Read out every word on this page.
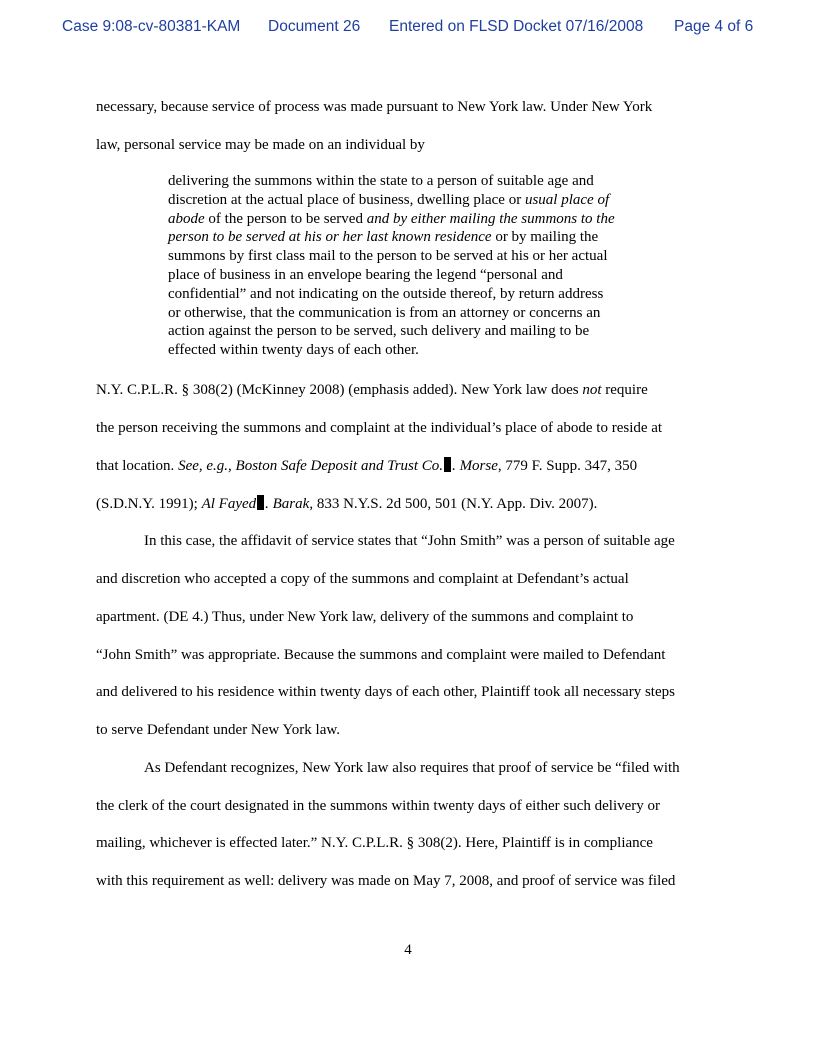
Case 9:08-cv-80381-KAM Document 26 Entered on FLSD Docket 07/16/2008 Page 4 of 6
necessary, because service of process was made pursuant to New York law. Under New York
law, personal service may be made on an individual by
delivering the summons within the state to a person of suitable age and
discretion at the actual place of business, dwelling place or usual place of
abode of the person to be served and by either mailing the summons to the
person to be served at his or her last known residence or by mailing the
summons by first class mail to the person to be served at his or her actual
place of business in an envelope bearing the legend “personal and
confidential” and not indicating on the outside thereof, by return address
or otherwise, that the communication is from an attorney or concerns an
action against the person to be served, such delivery and mailing to be
effected within twenty days of each other.
N.Y. C.P.L.R. § 308(2) (McKinney 2008) (emphasis added). New York law does not require
the person receiving the summons and complaint at the individual’s place of abode to reside at
that location. See, e.g., Boston Safe Deposit and Trust Co. . Morse, 779 F. Supp. 347, 350
(S.D.N.Y. 1991); Al Fayed . Barak, 833 N.Y.S. 2d 500, 501 (N.Y. App. Div. 2007).
In this case, the affidavit of service states that “John Smith” was a person of suitable age
and discretion who accepted a copy of the summons and complaint at Defendant’s actual
apartment. (DE 4.) Thus, under New York law, delivery of the summons and complaint to
“John Smith” was appropriate. Because the summons and complaint were mailed to Defendant
and delivered to his residence within twenty days of each other, Plaintiff took all necessary steps
to serve Defendant under New York law.
As Defendant recognizes, New York law also requires that proof of service be “filed with
the clerk of the court designated in the summons within twenty days of either such delivery or
mailing, whichever is effected later.” N.Y. C.P.L.R. § 308(2). Here, Plaintiff is in compliance
with this requirement as well: delivery was made on May 7, 2008, and proof of service was filed
4
